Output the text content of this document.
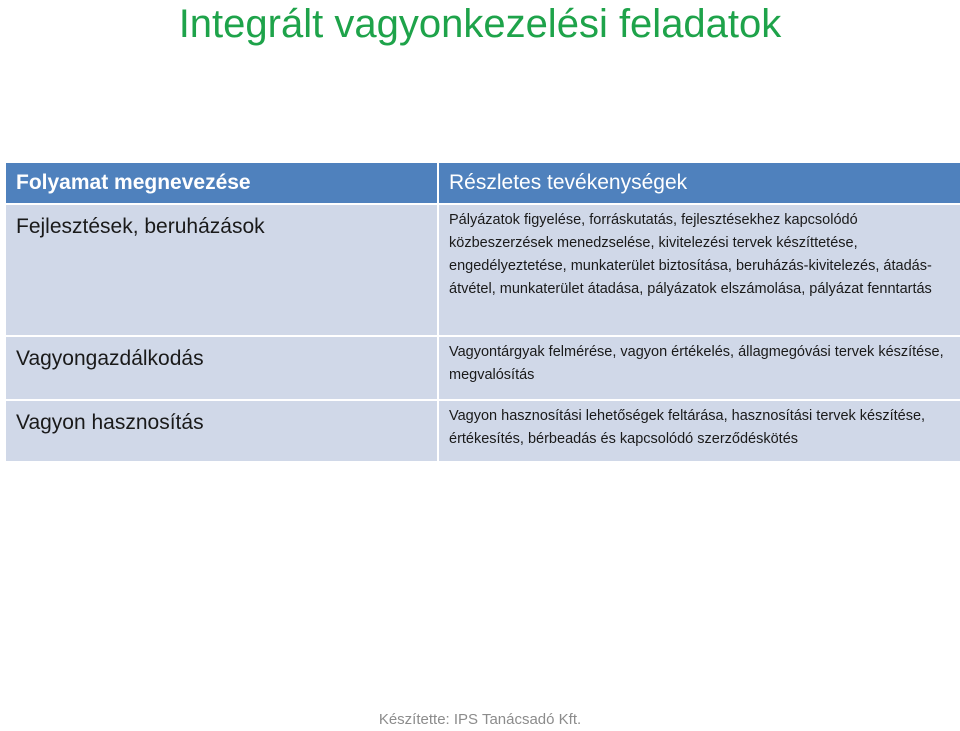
Integrált vagyonkezelési feladatok
Folyamat megnevezése	Részletes tevékenységek
Fejlesztések, beruházások	Pályázatok figyelése, forráskutatás, fejlesztésekhez kapcsolódó közbeszerzések menedzselése, kivitelezési tervek készíttetése, engedélyeztetése, munkaterület biztosítása, beruházás-kivitelezés, átadás-átvétel, munkaterület átadása, pályázatok elszámolása, pályázat fenntartás
Vagyongazdálkodás	Vagyontárgyak felmérése, vagyon értékelés, állagmegóvási tervek készítése, megvalósítás
Vagyon hasznosítás	Vagyon hasznosítási lehetőségek feltárása, hasznosítási tervek készítése, értékesítés, bérbeadás és kapcsolódó szerződéskötés
Készítette: IPS Tanácsadó Kft.
